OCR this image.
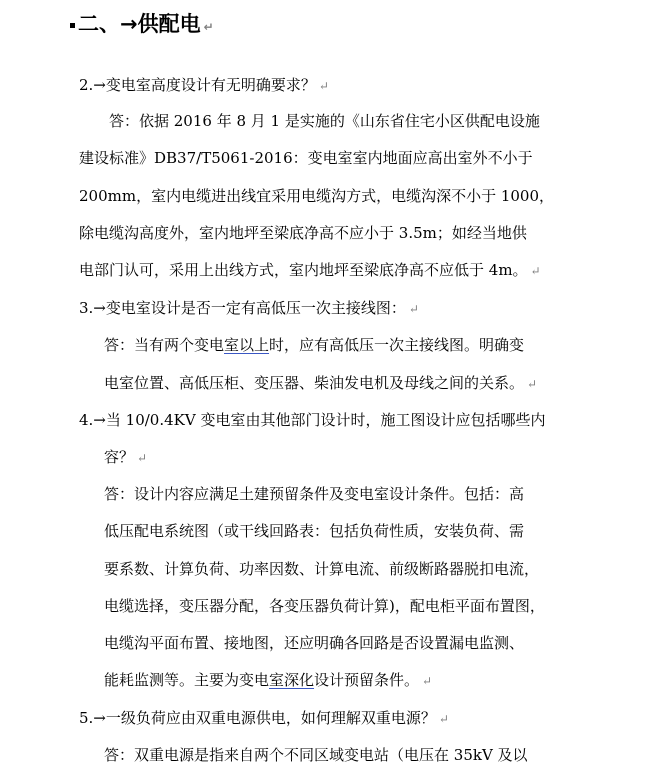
二、→供配电 ↵
2.→变电室高度设计有无明确要求？ ↵
答：依据 2016 年 8 月 1 是实施的《山东省住宅小区供配电设施
建设标准》DB37/T5061-2016：变电室室内地面应高出室外不小于
200mm，室内电缆进出线宜采用电缆沟方式，电缆沟深不小于 1000，
除电缆沟高度外，室内地坪至梁底净高不应小于 3.5m；如经当地供
电部门认可，采用上出线方式，室内地坪至梁底净高不应低于 4m。 ↵
3.→变电室设计是否一定有高低压一次主接线图： ↵
答：当有两个变电室以上时，应有高低压一次主接线图。明确变
电室位置、高低压柜、变压器、柴油发电机及母线之间的关系。 ↵
4.→当 10/0.4KV 变电室由其他部门设计时，施工图设计应包括哪些内
容？ ↵
答：设计内容应满足土建预留条件及变电室设计条件。包括：高
低压配电系统图（或干线回路表：包括负荷性质，安装负荷、需
要系数、计算负荷、功率因数、计算电流、前级断路器脱扣电流，
电缆选择，变压器分配，各变压器负荷计算)，配电柜平面布置图，
电缆沟平面布置、接地图，还应明确各回路是否设置漏电监测、
能耗监测等。主要为变电室深化设计预留条件。 ↵
5.→一级负荷应由双重电源供电，如何理解双重电源？ ↵
答：双重电源是指来自两个不同区域变电站（电压在 35kV 及以
